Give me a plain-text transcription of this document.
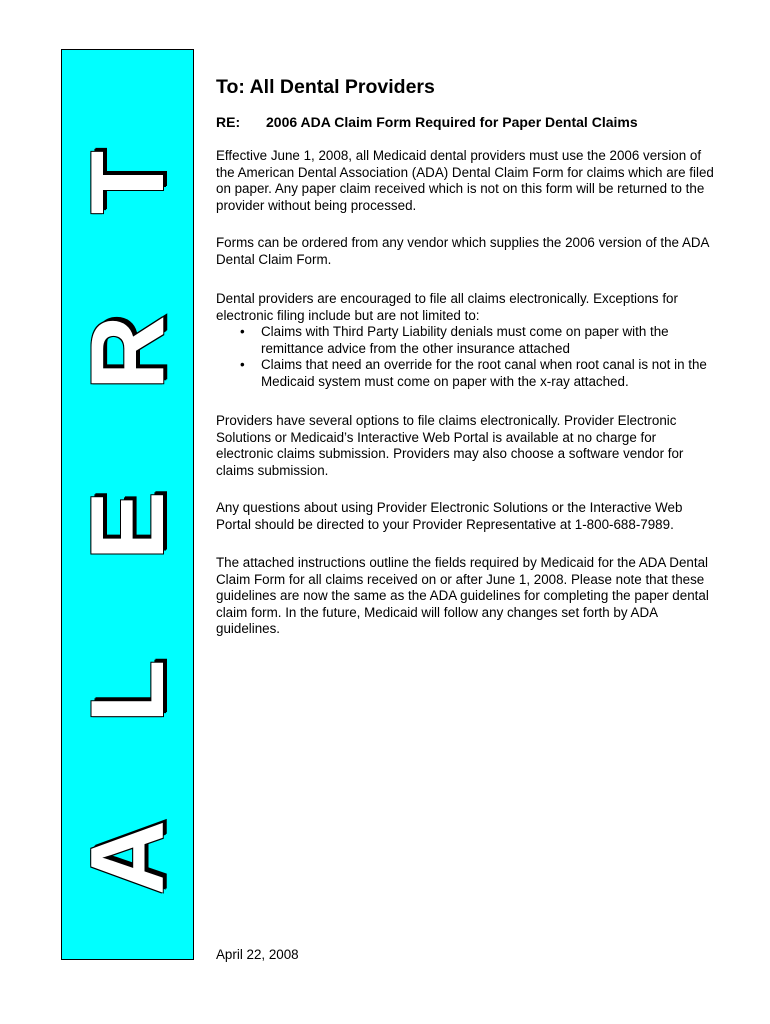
A L E R T
To: All Dental Providers
RE:	2006 ADA Claim Form Required for Paper Dental Claims

Effective June 1, 2008, all Medicaid dental providers must use the 2006 version of the American Dental Association (ADA) Dental Claim Form for claims which are filed on paper. Any paper claim received which is not on this form will be returned to the provider without being processed.

Forms can be ordered from any vendor which supplies the 2006 version of the ADA Dental Claim Form.

Dental providers are encouraged to file all claims electronically. Exceptions for electronic filing include but are not limited to:

• Claims with Third Party Liability denials must come on paper with the remittance advice from the other insurance attached
• Claims that need an override for the root canal when root canal is not in the Medicaid system must come on paper with the x-ray attached.

Providers have several options to file claims electronically. Provider Electronic Solutions or Medicaid’s Interactive Web Portal is available at no charge for electronic claims submission. Providers may also choose a software vendor for claims submission.

Any questions about using Provider Electronic Solutions or the Interactive Web Portal should be directed to your Provider Representative at 1-800-688-7989.

The attached instructions outline the fields required by Medicaid for the ADA Dental Claim Form for all claims received on or after June 1, 2008. Please note that these guidelines are now the same as the ADA guidelines for completing the paper dental claim form. In the future, Medicaid will follow any changes set forth by ADA guidelines.

April 22, 2008
